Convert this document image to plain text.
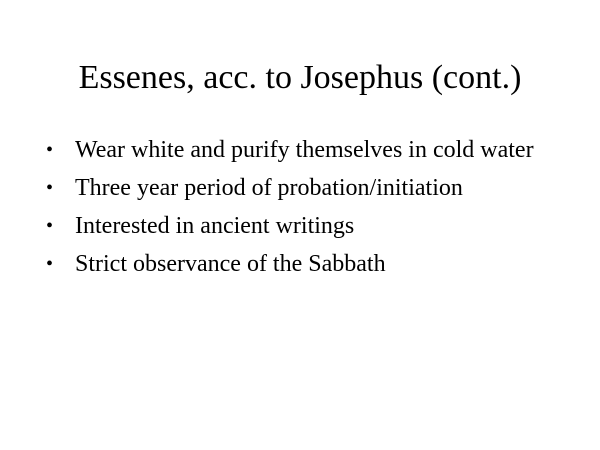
Essenes, acc. to Josephus (cont.)
• Wear white and purify themselves in cold water
• Three year period of probation/initiation
• Interested in ancient writings
• Strict observance of the Sabbath
